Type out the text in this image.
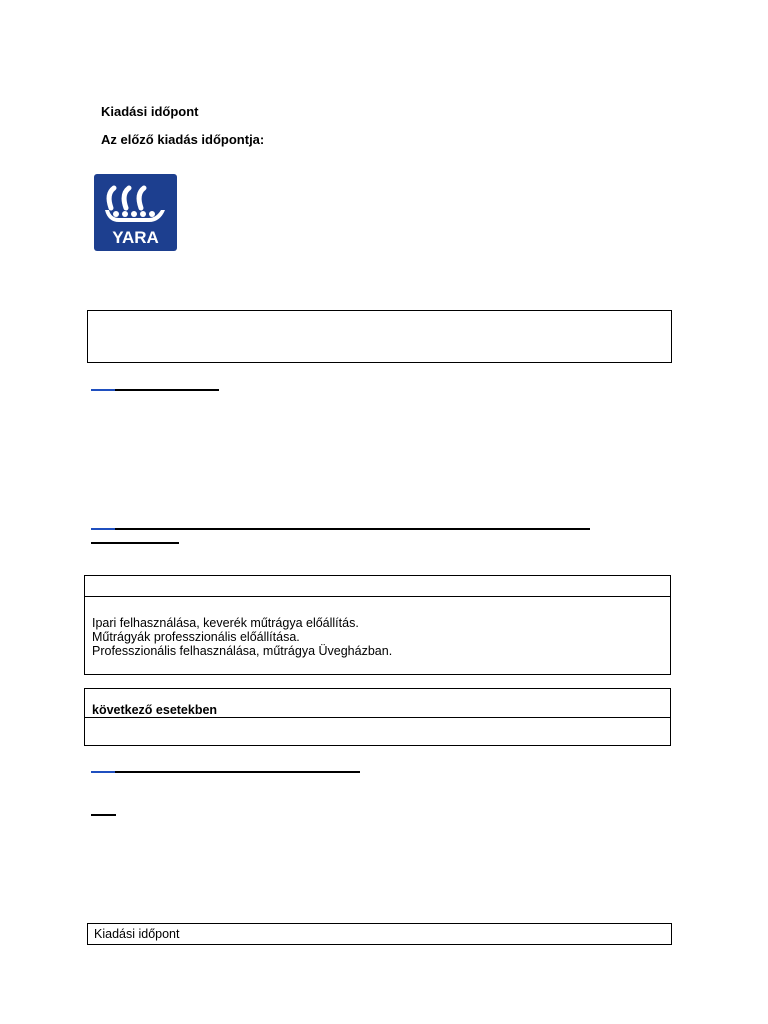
Kiadási időpont
Az előző kiadás időpontja:
YARA
Ipari felhasználása, keverék műtrágya előállítás.
Műtrágyák professzionális előállítása.
Professzionális felhasználása, műtrágya Üvegházban.
következő esetekben
Kiadási időpont
